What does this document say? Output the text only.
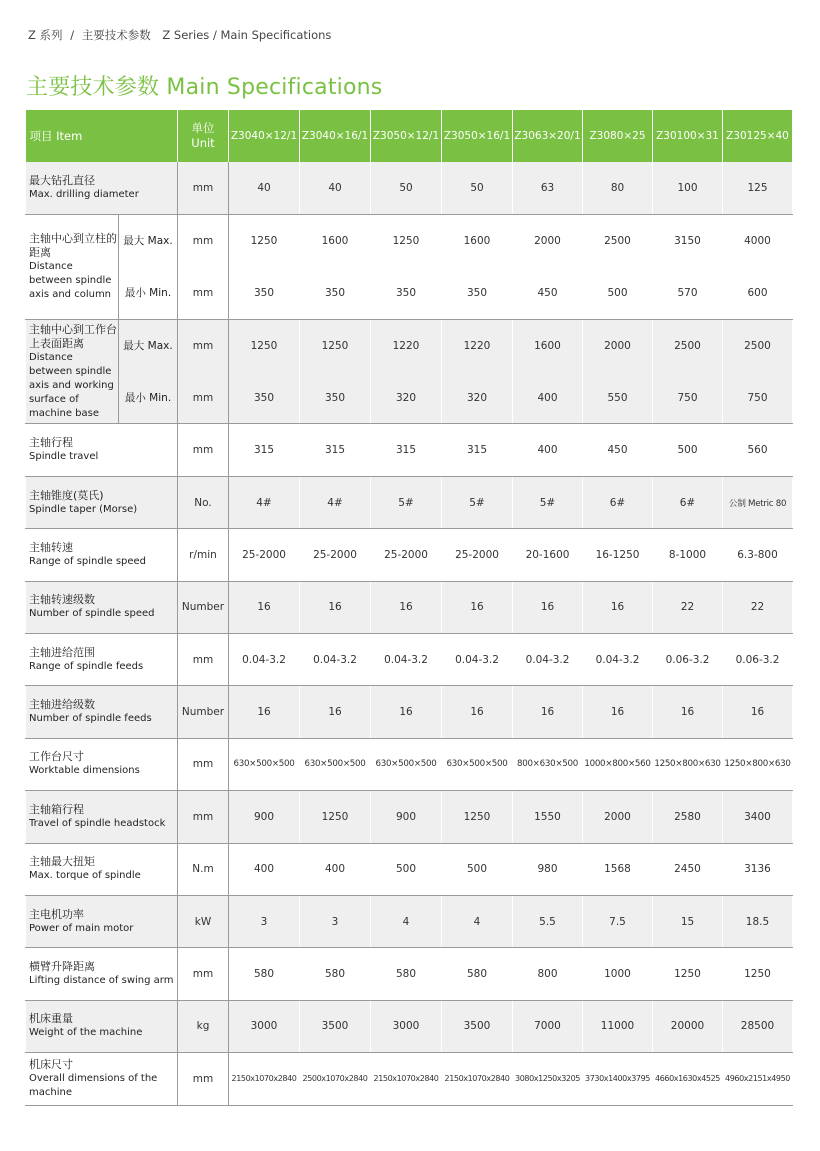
Z 系列 / 主要技术参数 Z Series / Main Specifications
主要技术参数 Main Specifications
项目 Item		单位 Unit	Z3040×12/1	Z3040×16/1	Z3050×12/1	Z3050×16/1	Z3063×20/1	Z3080×25	Z30100×31	Z30125×40

最大钻孔直径
Max. drilling diameter		mm	40	40	50	50	63	80	100	125

主轴中心到立柱的距离
Distance between spindle axis and column	最大 Max.	mm	1250	1600	1250	1600	2000	2500	3150	4000
	最小 Min.	mm	350	350	350	350	450	500	570	600

主轴中心到工作台上表面距离
Distance between spindle axis and working surface of machine base	最大 Max.	mm	1250	1250	1220	1220	1600	2000	2500	2500
	最小 Min.	mm	350	350	320	320	400	550	750	750

主轴行程
Spindle travel		mm	315	315	315	315	400	450	500	560

主轴锥度(莫氏)
Spindle taper (Morse)		No.	4#	4#	5#	5#	5#	6#	6#	公制 Metric 80

主轴转速
Range of spindle speed		r/min	25-2000	25-2000	25-2000	25-2000	20-1600	16-1250	8-1000	6.3-800

主轴转速级数
Number of spindle speed		Number	16	16	16	16	16	16	22	22

主轴进给范围
Range of spindle feeds		mm	0.04-3.2	0.04-3.2	0.04-3.2	0.04-3.2	0.04-3.2	0.04-3.2	0.06-3.2	0.06-3.2

主轴进给级数
Number of spindle feeds		Number	16	16	16	16	16	16	16	16

工作台尺寸
Worktable dimensions		mm	630×500×500	630×500×500	630×500×500	630×500×500	800×630×500	1000×800×560	1250×800×630	1250×800×630

主轴箱行程
Travel of spindle headstock		mm	900	1250	900	1250	1550	2000	2580	3400

主轴最大扭矩
Max. torque of spindle		N.m	400	400	500	500	980	1568	2450	3136

主电机功率
Power of main motor		kW	3	3	4	4	5.5	7.5	15	18.5

横臂升降距离
Lifting distance of swing arm		mm	580	580	580	580	800	1000	1250	1250

机床重量
Weight of the machine		kg	3000	3500	3000	3500	7000	11000	20000	28500

机床尺寸
Overall dimensions of the machine		mm	2150x1070x2840	2500x1070x2840	2150x1070x2840	2150x1070x2840	3080x1250x3205	3730x1400x3795	4660x1630x4525	4960x2151x4950
